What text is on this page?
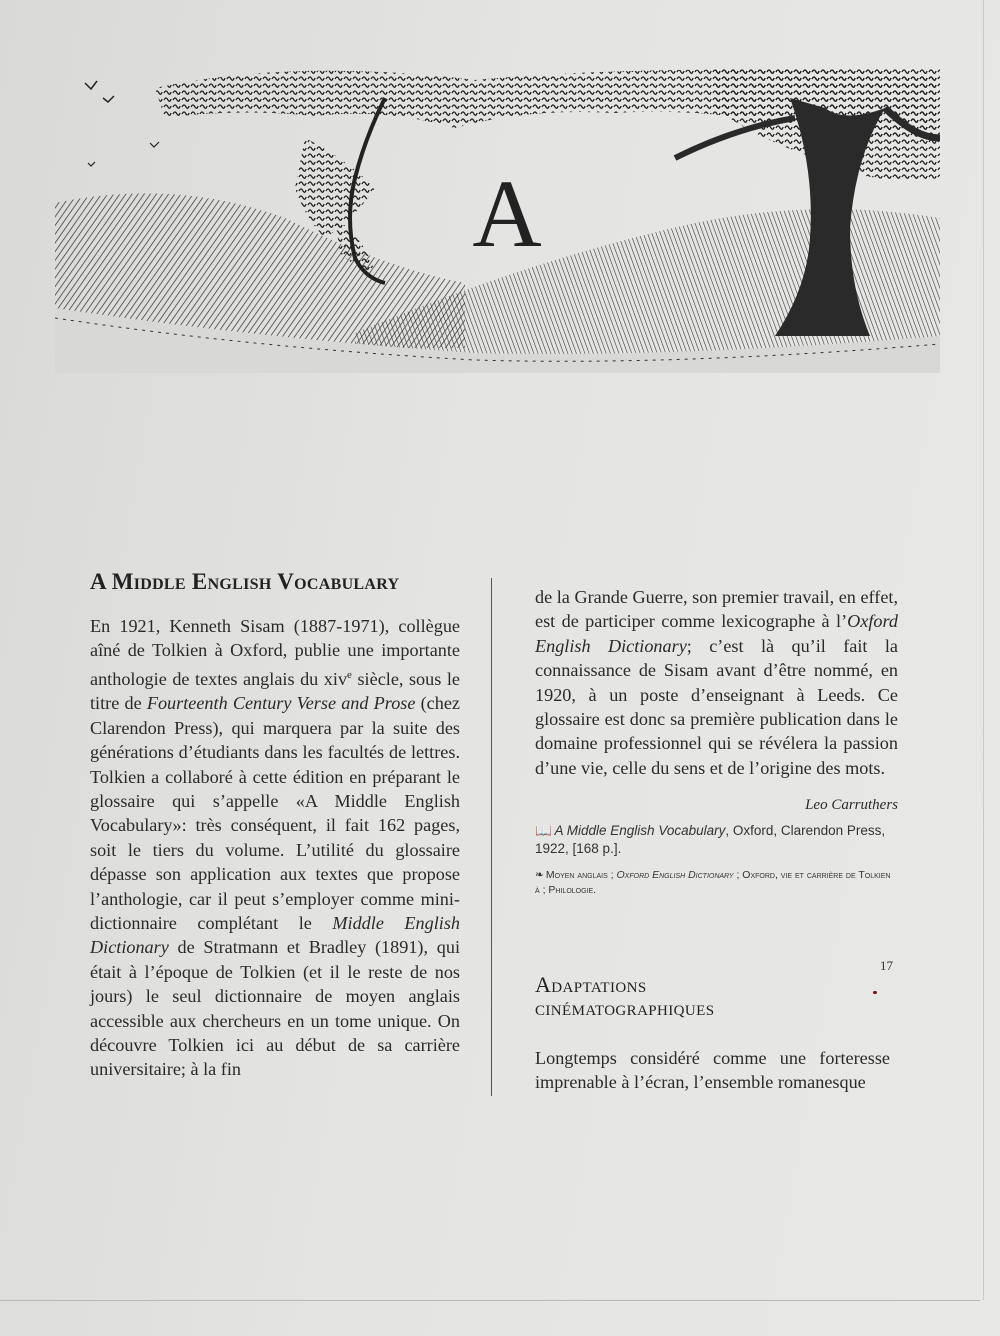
A
A Middle English Vocabulary

En 1921, Kenneth Sisam (1887-1971), collègue aîné de Tolkien à Oxford, publie une importante anthologie de textes anglais du xiv$^e$ siècle, sous le titre de Fourteenth Century Verse and Prose (chez Clarendon Press), qui marquera par la suite des générations d’étudiants dans les facultés de lettres. Tolkien a collaboré à cette édition en préparant le glossaire qui s’appelle «A Middle English Vocabulary»: très conséquent, il fait 162 pages, soit le tiers du volume. L’utilité du glossaire dépasse son application aux textes que propose l’anthologie, car il peut s’employer comme mini-dictionnaire complétant le Middle English Dictionary de Stratmann et Bradley (1891), qui était à l’époque de Tolkien (et il le reste de nos jours) le seul dictionnaire de moyen anglais accessible aux chercheurs en un tome unique. On découvre Tolkien ici au début de sa carrière universitaire; à la fin

de la Grande Guerre, son premier travail, en effet, est de participer comme lexicographe à l’Oxford English Dictionary; c’est là qu’il fait la connaissance de Sisam avant d’être nommé, en 1920, à un poste d’enseignant à Leeds. Ce glossaire est donc sa première publication dans le domaine professionnel qui se révélera la passion d’une vie, celle du sens et de l’origine des mots.

Leo Carruthers

📖 A Middle English Vocabulary, Oxford, Clarendon Press, 1922, [168 p.].

❧ Moyen anglais ; Oxford English Dictionary ; Oxford, vie et carrière de Tolkien à ; Philologie.

Adaptations
cinématographiques

Longtemps considéré comme une forteresse imprenable à l’écran, l’ensemble romanesque

17
